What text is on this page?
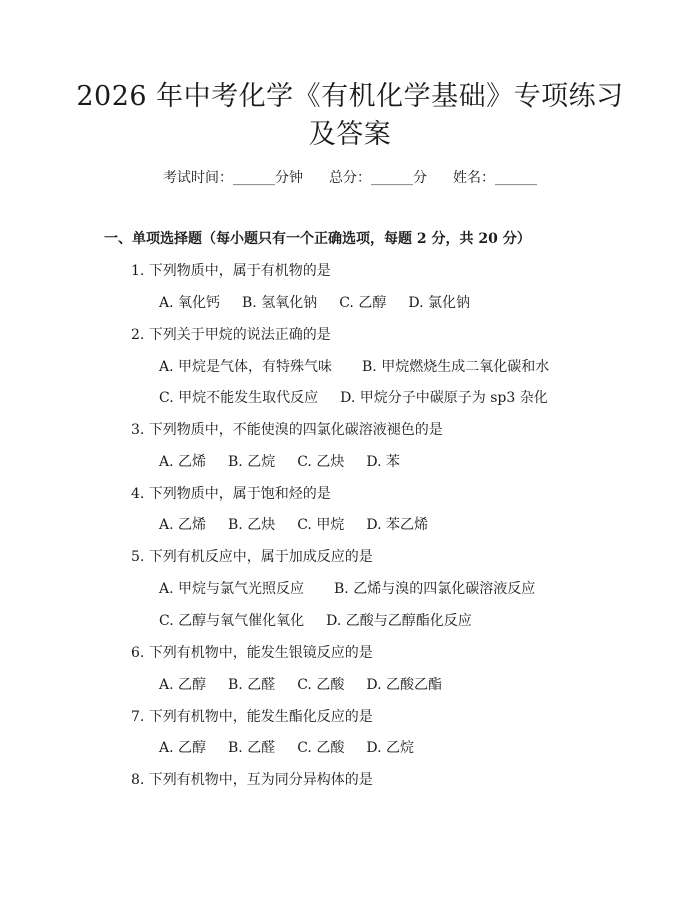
2026 年中考化学《有机化学基础》专项练习
及答案
考试时间：______分钟 总分：______分 姓名：______
一、单项选择题（每小题只有一个正确选项，每题 2 分，共 20 分）
1. 下列物质中，属于有机物的是
A. 氧化钙 B. 氢氧化钠 C. 乙醇 D. 氯化钠
2. 下列关于甲烷的说法正确的是
A. 甲烷是气体，有特殊气味 B. 甲烷燃烧生成二氧化碳和水
C. 甲烷不能发生取代反应 D. 甲烷分子中碳原子为 sp3 杂化
3. 下列物质中，不能使溴的四氯化碳溶液褪色的是
A. 乙烯 B. 乙烷 C. 乙炔 D. 苯
4. 下列物质中，属于饱和烃的是
A. 乙烯 B. 乙炔 C. 甲烷 D. 苯乙烯
5. 下列有机反应中，属于加成反应的是
A. 甲烷与氯气光照反应 B. 乙烯与溴的四氯化碳溶液反应
C. 乙醇与氧气催化氧化 D. 乙酸与乙醇酯化反应
6. 下列有机物中，能发生银镜反应的是
A. 乙醇 B. 乙醛 C. 乙酸 D. 乙酸乙酯
7. 下列有机物中，能发生酯化反应的是
A. 乙醇 B. 乙醛 C. 乙酸 D. 乙烷
8. 下列有机物中，互为同分异构体的是
